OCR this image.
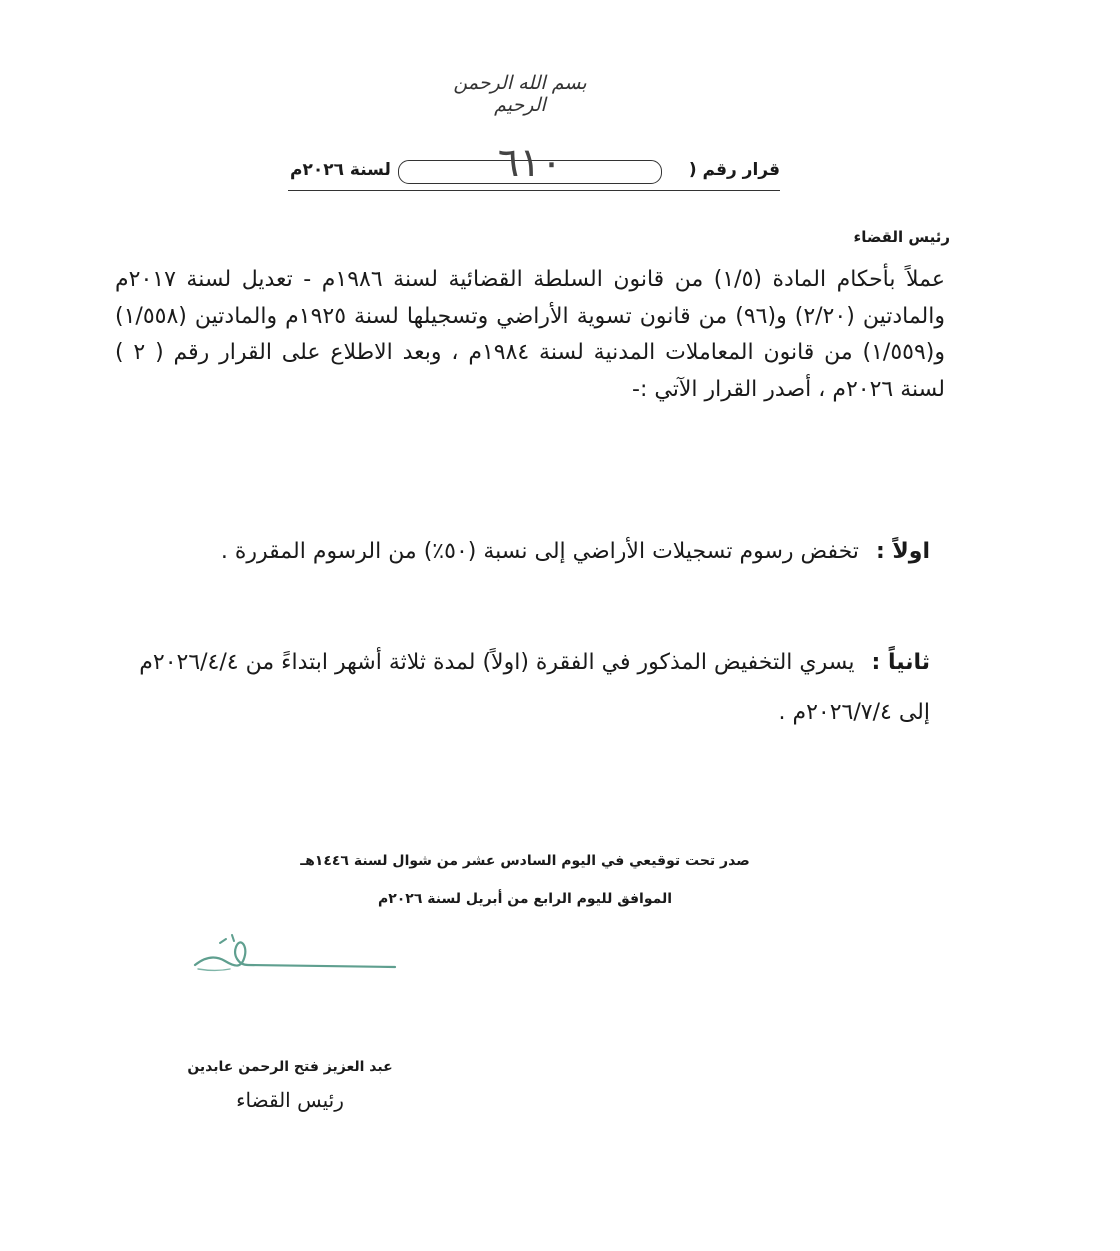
بسم الله الرحمن الرحيم
قرار رقم (
٦١٠
لسنة ٢٠٢٦م
رئيس القضاء
عملاً بأحكام المادة (١/٥) من قانون السلطة القضائية لسنة ١٩٨٦م - تعديل لسنة ٢٠١٧م والمادتين (٢/٢٠) و(٩٦) من قانون تسوية الأراضي وتسجيلها لسنة ١٩٢٥م والمادتين (١/٥٥٨) و(١/٥٥٩) من قانون المعاملات المدنية لسنة ١٩٨٤م ، وبعد الاطلاع على القرار رقم ( ٢ ) لسنة ٢٠٢٦م ، أصدر القرار الآتي :-
اولاً : تخفض رسوم تسجيلات الأراضي إلى نسبة (٥٠٪) من الرسوم المقررة .
ثانياً : يسري التخفيض المذكور في الفقرة (اولاً) لمدة ثلاثة أشهر ابتداءً من ٢٠٢٦/٤/٤م إلى ٢٠٢٦/٧/٤م .
صدر تحت توقيعي في اليوم السادس عشر من شوال لسنة ١٤٤٦هـ
الموافق لليوم الرابع من أبريل لسنة ٢٠٢٦م
عبد العزيز فتح الرحمن عابدين
رئيس القضاء
